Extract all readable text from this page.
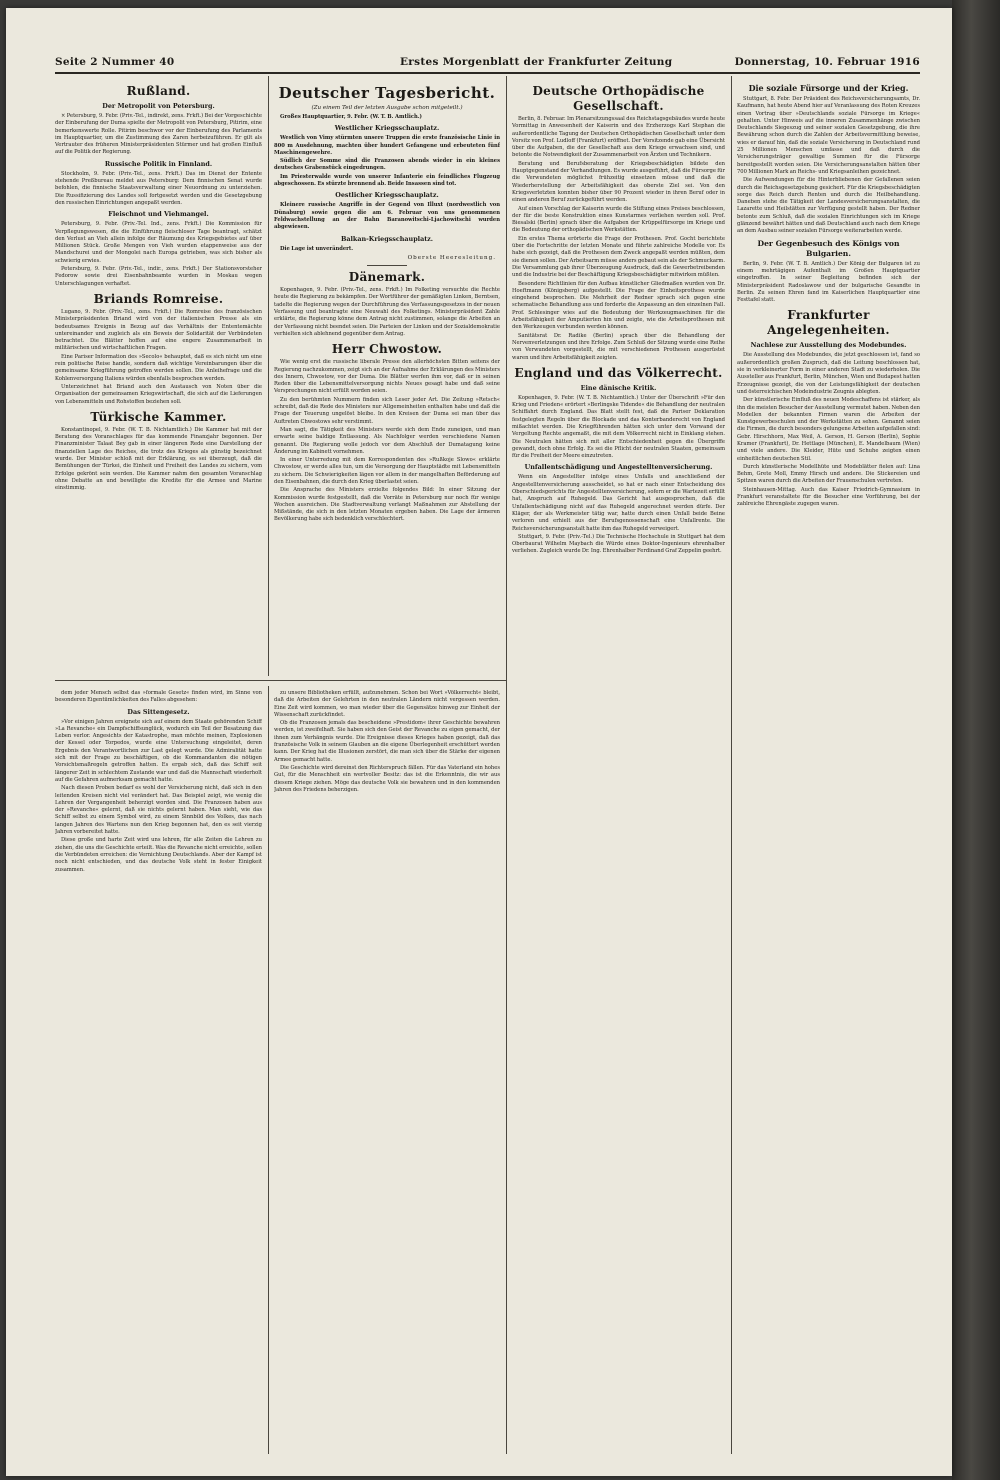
Seite 2 Nummer 40	Erstes Morgenblatt der Frankfurter Zeitung	Donnerstag, 10. Februar 1916
Rußland.
Der Metropolit von Petersburg.

× Petersburg, 9. Febr. (Priv.-Tel., indirekt, zens. Frkft.) Bei der Vorgeschichte der Einberufung der Duma spielte der Metropolit von Petersburg, Pitirim, eine bemerkenswerte Rolle. Pitirim beschwor vor der Einberufung des Parlaments im Hauptquartier, um die Zustimmung des Zaren herbeizuführen. Er gilt als Vertrauter des früheren Ministerpräsidenten Stürmer und hat großen Einfluß auf die Politik der Regierung.

Russische Politik in Finnland.

Stockholm, 9. Febr. (Priv.-Tel., zens. Frkft.) Das im Dienst der Entente stehende Preßbureau meldet aus Petersburg: Dem finnischen Senat wurde befohlen, die finnische Staatsverwaltung einer Neuordnung zu unterziehen. Die Russifizierung des Landes soll fortgesetzt werden und die Gesetzgebung den russischen Einrichtungen angepaßt werden.

Fleischnot und Viehmangel.

Petersburg, 9. Febr. (Priv.-Tel. Ind., zens. Frkft.) Die Kommission für Verpflegungswesen, die die Einführung fleischloser Tage beantragt, schätzt den Verlust an Vieh allein infolge der Räumung des Kriegsgebietes auf über Millionen Stück. Große Mengen von Vieh wurden etappenweise aus der Mandschurei und der Mongolei nach Europa getrieben, was sich bisher als schwierig erwies.

Petersburg, 9. Febr. (Priv.-Tel., indir., zens. Frkft.) Der Stationsvorsteher Fedorow sowie drei Eisenbahnbeamte wurden in Moskau wegen Unterschlagungen verhaftet.

Briands Romreise.

Lugano, 9. Febr. (Priv.-Tel., zens. Frkft.) Die Romreise des französischen Ministerpräsidenten Briand wird von der italienischen Presse als ein bedeutsames Ereignis in Bezug auf das Verhältnis der Ententemächte untereinander und zugleich als ein Beweis der Solidarität der Verbündeten betrachtet. Die Blätter hoffen auf eine engere Zusammenarbeit in militärischen und wirtschaftlichen Fragen.

Eine Pariser Information des »Secolo« behauptet, daß es sich nicht um eine rein politische Reise handle, sondern daß wichtige Vereinbarungen über die gemeinsame Kriegführung getroffen werden sollen. Die Anleihefrage und die Kohlenversorgung Italiens würden ebenfalls besprochen werden.

Unterzeichnet hat Briand auch den Austausch von Noten über die Organisation der gemeinsamen Kriegswirtschaft, die sich auf die Lieferungen von Lebensmitteln und Rohstoffen beziehen soll.

Türkische Kammer.

Konstantinopel, 9. Febr. (W. T. B. Nichtamtlich.) Die Kammer hat mit der Beratung des Voranschlages für das kommende Finanzjahr begonnen. Der Finanzminister Talaat Bey gab in einer längeren Rede eine Darstellung der finanziellen Lage des Reiches, die trotz des Krieges als günstig bezeichnet wurde. Der Minister schloß mit der Erklärung, es sei überzeugt, daß die Bemühungen der Türkei, die Einheit und Freiheit des Landes zu sichern, vom Erfolge gekrönt sein werden. Die Kammer nahm den gesamten Voranschlag ohne Debatte an und bewilligte die Kredite für die Armee und Marine einstimmig.

Deutscher Tagesbericht.
(Zu einem Teil der letzten Ausgabe schon mitgeteilt.)

Großes Hauptquartier, 9. Febr. (W. T. B. Amtlich.)

Westlicher Kriegsschauplatz.

Westlich von Vimy stürmten unsere Truppen die erste französische Linie in 800 m Ausdehnung, machten über hundert Gefangene und erbeuteten fünf Maschinengewehre.

Südlich der Somme sind die Franzosen abends wieder in ein kleines deutsches Grabenstück eingedrungen.

Im Priesterwalde wurde von unserer Infanterie ein feindliches Flugzeug abgeschossen. Es stürzte brennend ab. Beide Insassen sind tot.

Oestlicher Kriegsschauplatz.

Kleinere russische Angriffe in der Gegend von Illuxt (nordwestlich von Dünaburg) sowie gegen die am 6. Februar von uns genommenen Feldwachstellung an der Bahn Baranowitschi-Ljachowitschi wurden abgewiesen.

Balkan-Kriegsschauplatz.

Die Lage ist unverändert.

Oberste Heeresleitung.
Dänemark.

Kopenhagen, 9. Febr. (Priv.-Tel., zens. Frkft.) Im Folketing versuchte die Rechte heute die Regierung zu bekämpfen. Der Wortführer der gemäßigten Linken, Berntsen, tadelte die Regierung wegen der Durchführung des Verfassungsgesetzes in der neuen Verfassung und beantragte eine Neuwahl des Folketings. Ministerpräsident Zahle erklärte, die Regierung könne dem Antrag nicht zustimmen, solange die Arbeiten an der Verfassung nicht beendet seien. Die Parteien der Linken und der Sozialdemokratie verhielten sich ablehnend gegenüber dem Antrag.

Herr Chwostow.

Wie wenig erst die russische liberale Presse den allerhöchsten Bitten seitens der Regierung nachzukommen, zeigt sich an der Aufnahme der Erklärungen des Ministers des Innern, Chwostow, vor der Duma. Die Blätter werfen ihm vor, daß er in seinen Reden über die Lebensmittelversorgung nichts Neues gesagt habe und daß seine Versprechungen nicht erfüllt worden seien.

Zu den berühmten Nummern finden sich Leser jeder Art. Die Zeitung »Retsch« schreibt, daß die Rede des Ministers nur Allgemeinheiten enthalten habe und daß die Frage der Teuerung ungelöst bleibe. In den Kreisen der Duma sei man über das Auftreten Chwostows sehr verstimmt.

Man sagt, die Tätigkeit des Ministers werde sich dem Ende zuneigen, und man erwarte seine baldige Entlassung. Als Nachfolger werden verschiedene Namen genannt. Die Regierung wolle jedoch vor dem Abschluß der Dumatagung keine Änderung im Kabinett vornehmen.

In einer Unterredung mit dem Korrespondenten des »Rußkoje Slowo« erklärte Chwostow, er werde alles tun, um die Versorgung der Hauptstädte mit Lebensmitteln zu sichern. Die Schwierigkeiten lägen vor allem in der mangelhaften Beförderung auf den Eisenbahnen, die durch den Krieg überlastet seien.

Die Ansprache des Ministers erzielte folgendes Bild: In einer Sitzung der Kommission wurde festgestellt, daß die Vorräte in Petersburg nur noch für wenige Wochen ausreichen. Die Stadtverwaltung verlangt Maßnahmen zur Abstellung der Mißstände, die sich in den letzten Monaten ergeben haben. Die Lage der ärmeren Bevölkerung habe sich bedenklich verschlechtert.

Deutsche Orthopädische Gesellschaft.

Berlin, 8. Februar. Im Plenarsitzungssaal des Reichstagsgebäudes wurde heute Vormittag in Anwesenheit der Kaiserin und des Erzherzogs Karl Stephan die außerordentliche Tagung der Deutschen Orthopädischen Gesellschaft unter dem Vorsitz von Prof. Ludloff (Frankfurt) eröffnet. Der Vorsitzende gab eine Übersicht über die Aufgaben, die der Gesellschaft aus dem Kriege erwachsen sind, und betonte die Notwendigkeit der Zusammenarbeit von Ärzten und Technikern.

Beratung und Berufsberatung der Kriegsbeschädigten bildete den Hauptgegenstand der Verhandlungen. Es wurde ausgeführt, daß die Fürsorge für die Verwundeten möglichst frühzeitig einsetzen müsse und daß die Wiederherstellung der Arbeitsfähigkeit das oberste Ziel sei. Von den Kriegsverletzten konnten bisher über 90 Prozent wieder in ihren Beruf oder in einen anderen Beruf zurückgeführt werden.

Auf einen Vorschlag der Kaiserin wurde die Stiftung eines Preises beschlossen, der für die beste Konstruktion eines Kunstarmes verliehen werden soll. Prof. Biesalski (Berlin) sprach über die Aufgaben der Krüppelfürsorge im Kriege und die Bedeutung der orthopädischen Werkstätten.

Ein erstes Thema erörterte die Frage der Prothesen. Prof. Gocht berichtete über die Fortschritte der letzten Monate und führte zahlreiche Modelle vor. Es habe sich gezeigt, daß die Prothesen dem Zweck angepaßt werden müßten, dem sie dienen sollen. Der Arbeitsarm müsse anders gebaut sein als der Schmuckarm. Die Versammlung gab ihrer Überzeugung Ausdruck, daß die Gewerbetreibenden und die Industrie bei der Beschäftigung Kriegsbeschädigter mitwirken müßten.

Besondere Richtlinien für den Aufbau künstlicher Gliedmaßen wurden von Dr. Hoeftmann (Königsberg) aufgestellt. Die Frage der Einheitsprothese wurde eingehend besprochen. Die Mehrheit der Redner sprach sich gegen eine schematische Behandlung aus und forderte die Anpassung an den einzelnen Fall. Prof. Schlesinger wies auf die Bedeutung der Werkzeugmaschinen für die Arbeitsfähigkeit der Amputierten hin und zeigte, wie die Arbeitsprothesen mit den Werkzeugen verbunden werden können.

Sanitätsrat Dr. Radike (Berlin) sprach über die Behandlung der Nervenverletzungen und ihre Erfolge. Zum Schluß der Sitzung wurde eine Reihe von Verwundeten vorgestellt, die mit verschiedenen Prothesen ausgerüstet waren und ihre Arbeitsfähigkeit zeigten.

England und das Völkerrecht.
Eine dänische Kritik.

Kopenhagen, 9. Febr. (W. T. B. Nichtamtlich.) Unter der Überschrift »Für den Krieg und Frieden« erörtert »Berlingske Tidende« die Behandlung der neutralen Schiffahrt durch England. Das Blatt stellt fest, daß die Pariser Deklaration festgelegten Regeln über die Blockade und das Konterbanderecht von England mißachtet werden. Die Kriegführenden hätten sich unter dem Vorwand der Vergeltung Rechte angemaßt, die mit dem Völkerrecht nicht in Einklang stehen. Die Neutralen hätten sich mit aller Entschiedenheit gegen die Übergriffe gewandt, doch ohne Erfolg. Es sei die Pflicht der neutralen Staaten, gemeinsam für die Freiheit der Meere einzutreten.

Unfallentschädigung und Angestelltenversicherung.

Wenn ein Angestellter infolge eines Unfalls und anschließend der Angestelltenversicherung ausscheidet, so hat er nach einer Entscheidung des Oberschiedsgerichts für Angestelltenversicherung, sofern er die Wartezeit erfüllt hat, Anspruch auf Ruhegeld. Das Gericht hat ausgesprochen, daß die Unfallentschädigung nicht auf das Ruhegeld angerechnet werden dürfe. Der Kläger, der als Werkmeister tätig war, hatte durch einen Unfall beide Beine verloren und erhielt aus der Berufsgenossenschaft eine Unfallrente. Die Reichsversicherungsanstalt hatte ihm das Ruhegeld verweigert.

Stuttgart, 9. Febr. (Priv.-Tel.) Die Technische Hochschule in Stuttgart hat dem Oberbaurat Wilhelm Maybach die Würde eines Doktor-Ingenieurs ehrenhalber verliehen. Zugleich wurde Dr. Ing. Ehrenhalber Ferdinand Graf Zeppelin geehrt.

Die soziale Fürsorge und der Krieg.

Stuttgart, 8. Febr. Der Präsident des Reichsversicherungsamts, Dr. Kaufmann, hat heute Abend hier auf Veranlassung des Roten Kreuzes einen Vortrag über »Deutschlands soziale Fürsorge im Kriege« gehalten. Unter Hinweis auf die inneren Zusammenhänge zwischen Deutschlands Siegeszug und seiner sozialen Gesetzgebung, die ihre Bewährung schon durch die Zahlen der Arbeitsvermittlung beweise, wies er darauf hin, daß die soziale Versicherung in Deutschland rund 25 Millionen Menschen umfasse und daß durch die Versicherungsträger gewaltige Summen für die Fürsorge bereitgestellt worden seien. Die Versicherungsanstalten hätten über 700 Millionen Mark an Reichs- und Kriegsanleihen gezeichnet.

Die Aufwendungen für die Hinterbliebenen der Gefallenen seien durch die Reichsgesetzgebung gesichert. Für die Kriegsbeschädigten sorge das Reich durch Renten und durch die Heilbehandlung. Daneben stehe die Tätigkeit der Landesversicherungsanstalten, die Lazarette und Heilstätten zur Verfügung gestellt haben. Der Redner betonte zum Schluß, daß die sozialen Einrichtungen sich im Kriege glänzend bewährt hätten und daß Deutschland auch nach dem Kriege an dem Ausbau seiner sozialen Fürsorge weiterarbeiten werde.

Der Gegenbesuch des Königs von Bulgarien.

Berlin, 9. Febr. (W. T. B. Amtlich.) Der König der Bulgaren ist zu einem mehrtägigen Aufenthalt im Großen Hauptquartier eingetroffen. In seiner Begleitung befinden sich der Ministerpräsident Radoslawow und der bulgarische Gesandte in Berlin. Zu seinen Ehren fand im Kaiserlichen Hauptquartier eine Festtafel statt.

Frankfurter Angelegenheiten.
Nachlese zur Ausstellung des Modebundes.

Die Ausstellung des Modebundes, die jetzt geschlossen ist, fand so außerordentlich großen Zuspruch, daß die Leitung beschlossen hat, sie in verkleinerter Form in einer anderen Stadt zu wiederholen. Die Aussteller aus Frankfurt, Berlin, München, Wien und Budapest hatten Erzeugnisse gezeigt, die von der Leistungsfähigkeit der deutschen und österreichischen Modeindustrie Zeugnis ablegten.

Der künstlerische Einfluß des neuen Modeschaffens ist stärker, als ihn die meisten Besucher der Ausstellung vermutet haben. Neben den Modellen der bekannten Firmen waren die Arbeiten der Kunstgewerbeschulen und der Werkstätten zu sehen. Genannt seien die Firmen, die durch besonders gelungene Arbeiten aufgefallen sind: Gebr. Hirschhorn, Max Weil, A. Gerson, H. Gerson (Berlin), Sophie Kramer (Frankfurt), Dr. Hettlage (München), E. Mandelbaum (Wien) und viele andere. Die Kleider, Hüte und Schuhe zeigten einen einheitlichen deutschen Stil.

Durch künstlerische Modellhüte und Modeblätter fielen auf: Lina Behm, Grete Moll, Emmy Hirsch und andere. Die Stickereien und Spitzen waren durch die Arbeiten der Frauenschulen vertreten.

Steinhausen-Mittag. Auch das Kaiser Friedrich-Gymnasium in Frankfurt veranstaltete für die Besucher eine Vorführung, bei der zahlreiche Ehrengäste zugegen waren.

dem jeder Mensch selbst das »formale Gesetz« finden wird, im Sinne von besonderen Eigentümlichkeiten des Falles abgesehen:

Das Sittengesetz.

»Vor einigen Jahren ereignete sich auf einem dem Staate gehörenden Schiff »La Revanche« ein Dampfschiffsunglück, wodurch ein Teil der Besatzung das Leben verlor. Angesichts der Katastrophe, man möchte meinen, Explosionen der Kessel oder Torpedos, wurde eine Untersuchung eingeleitet, deren Ergebnis den Verantwortlichen zur Last gelegt wurde. Die Admiralität hatte sich mit der Frage zu beschäftigen, ob die Kommandanten die nötigen Vorsichtsmaßregeln getroffen hatten. Es ergab sich, daß das Schiff seit längerer Zeit in schlechtem Zustande war und daß die Mannschaft wiederholt auf die Gefahren aufmerksam gemacht hatte.

Nach diesen Proben bedarf es wohl der Versicherung nicht, daß sich in den leitenden Kreisen nicht viel verändert hat. Das Beispiel zeigt, wie wenig die Lehren der Vergangenheit beherzigt worden sind. Die Franzosen haben aus der »Revanche« gelernt, daß sie nichts gelernt haben. Man sieht, wie das Schiff selbst zu einem Symbol wird, zu einem Sinnbild des Volkes, das nach langen Jahren des Wartens nun den Krieg begonnen hat, den es seit vierzig Jahren vorbereitet hatte.

Diese große und harte Zeit wird uns lehren, für alle Zeiten die Lehren zu ziehen, die uns die Geschichte erteilt. Was die Revanche nicht erreichte, sollen die Verbündeten erreichen: die Vernichtung Deutschlands. Aber der Kampf ist noch nicht entschieden, und das deutsche Volk steht in fester Einigkeit zusammen.

zu unsere Bibliotheken erfüllt, aufzunehmen. Schon bei Wort »Völkerrecht« bleibt, daß die Arbeiten der Gelehrten in den neutralen Ländern nicht vergessen werden. Eine Zeit wird kommen, wo man wieder über die Gegensätze hinweg zur Einheit der Wissenschaft zurückfindet.

Ob die Franzosen jemals das bescheidene »Prestidom« ihrer Geschichte bewahren werden, ist zweifelhaft. Sie haben sich den Geist der Revanche zu eigen gemacht, der ihnen zum Verhängnis wurde. Die Ereignisse dieses Krieges haben gezeigt, daß das französische Volk in seinem Glauben an die eigene Überlegenheit erschüttert werden kann. Der Krieg hat die Illusionen zerstört, die man sich über die Stärke der eigenen Armee gemacht hatte.

Die Geschichte wird dereinst den Richterspruch fällen. Für das Vaterland ein hohes Gut, für die Menschheit ein wertvoller Besitz: das ist die Erkenntnis, die wir aus diesem Kriege ziehen. Möge das deutsche Volk sie bewahren und in den kommenden Jahren des Friedens beherzigen.
